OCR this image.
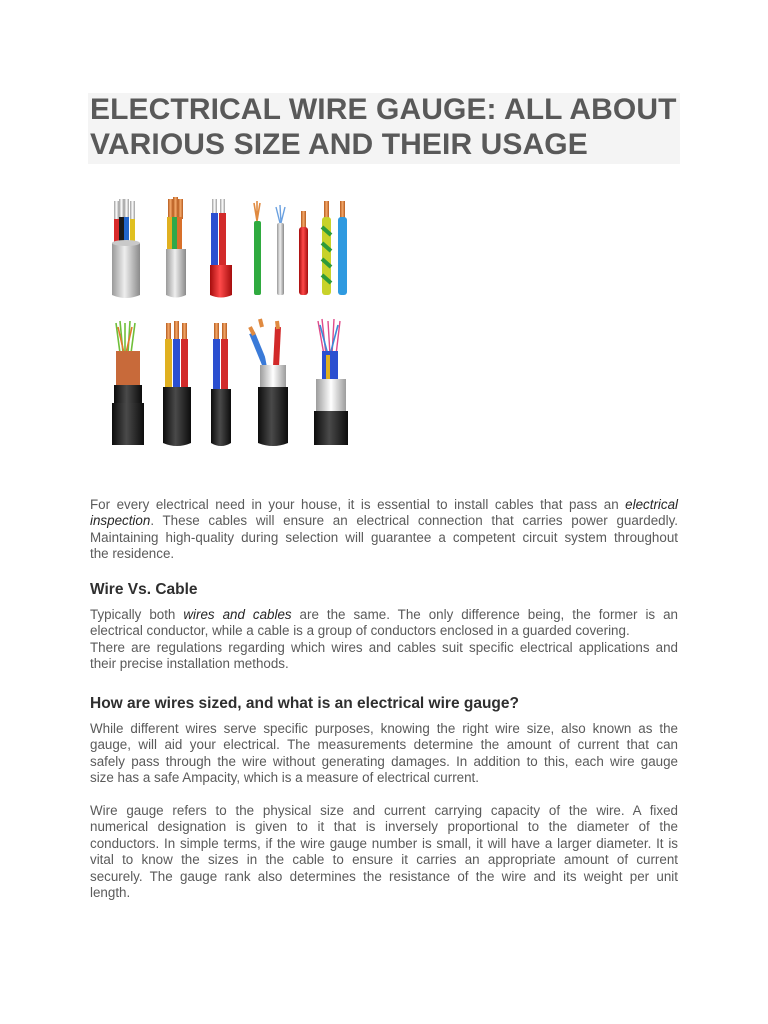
ELECTRICAL WIRE GAUGE: ALL ABOUT
VARIOUS SIZE AND THEIR USAGE
For every electrical need in your house, it is essential to install cables that pass an electrical
inspection. These cables will ensure an electrical connection that carries power guardedly.
Maintaining high-quality during selection will guarantee a competent circuit system throughout
the residence.
Wire Vs. Cable
Typically both wires and cables are the same. The only difference being, the former is an
electrical conductor, while a cable is a group of conductors enclosed in a guarded covering.
There are regulations regarding which wires and cables suit specific electrical applications and
their precise installation methods.
How are wires sized, and what is an electrical wire gauge?
While different wires serve specific purposes, knowing the right wire size, also known as the
gauge, will aid your electrical. The measurements determine the amount of current that can
safely pass through the wire without generating damages. In addition to this, each wire gauge
size has a safe Ampacity, which is a measure of electrical current.
Wire gauge refers to the physical size and current carrying capacity of the wire. A fixed
numerical designation is given to it that is inversely proportional to the diameter of the
conductors. In simple terms, if the wire gauge number is small, it will have a larger diameter. It is
vital to know the sizes in the cable to ensure it carries an appropriate amount of current
securely. The gauge rank also determines the resistance of the wire and its weight per unit
length.
